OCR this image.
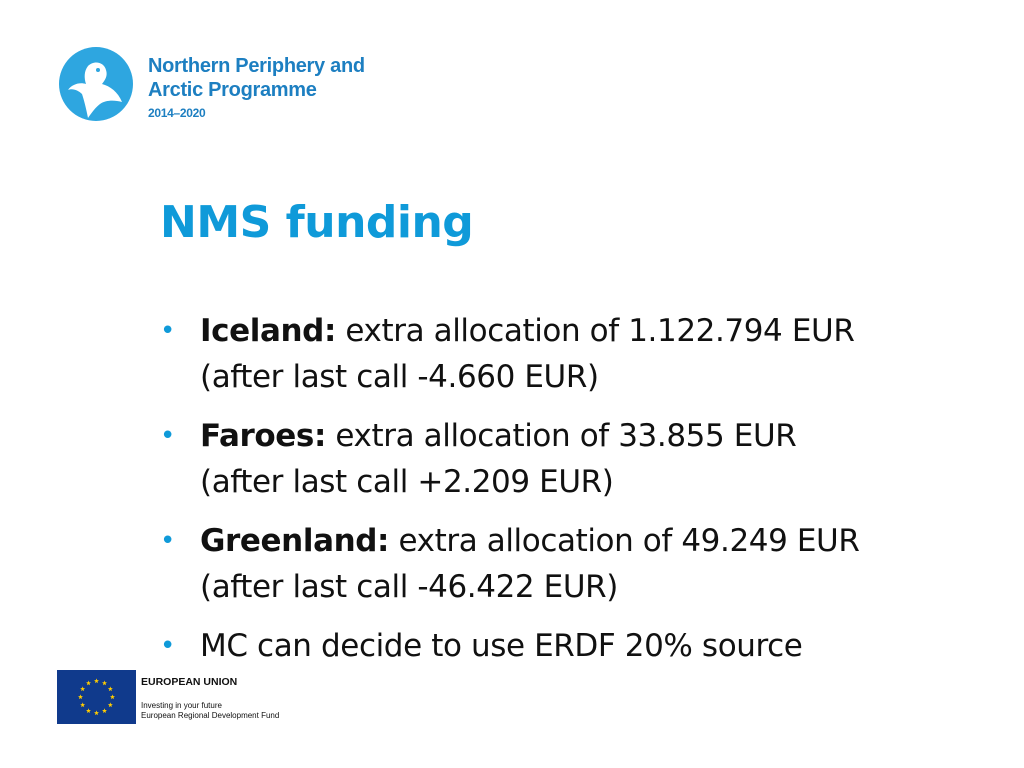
Northern Periphery and
Arctic Programme
2014–2020
NMS funding
• Iceland: extra allocation of 1.122.794 EUR
(after last call -4.660 EUR)
• Faroes: extra allocation of 33.855 EUR
(after last call +2.209 EUR)
• Greenland: extra allocation of 49.249 EUR
(after last call -46.422 EUR)
• MC can decide to use ERDF 20% source
EUROPEAN UNION
Investing in your future
European Regional Development Fund
